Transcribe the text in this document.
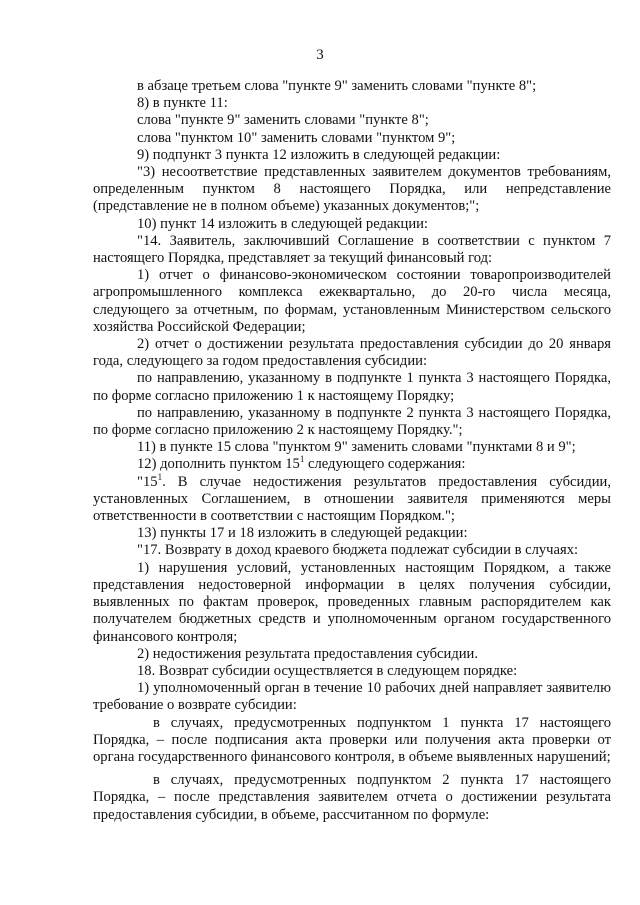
3

в абзаце третьем слова "пункте 9" заменить словами "пункте 8";

8) в пункте 11:

слова "пункте 9" заменить словами "пункте 8";

слова "пунктом 10" заменить словами "пунктом 9";

9) подпункт 3 пункта 12 изложить в следующей редакции:

"3) несоответствие представленных заявителем документов требованиям, определенным пунктом 8 настоящего Порядка, или непредставление (представление не в полном объеме) указанных документов;";

10) пункт 14 изложить в следующей редакции:

"14. Заявитель, заключивший Соглашение в соответствии с пунктом 7 настоящего Порядка, представляет за текущий финансовый год:

1) отчет о финансово-экономическом состоянии товаропроизводителей агропромышленного комплекса ежеквартально, до 20-го числа месяца, следующего за отчетным, по формам, установленным Министерством сельского хозяйства Российской Федерации;

2) отчет о достижении результата предоставления субсидии до 20 января года, следующего за годом предоставления субсидии:

по направлению, указанному в подпункте 1 пункта 3 настоящего Порядка, по форме согласно приложению 1 к настоящему Порядку;

по направлению, указанному в подпункте 2 пункта 3 настоящего Порядка, по форме согласно приложению 2 к настоящему Порядку.";

11) в пункте 15 слова "пунктом 9" заменить словами "пунктами 8 и 9";

12) дополнить пунктом $15^1$ следующего содержания:

"$15^1$. В случае недостижения результатов предоставления субсидии, установленных Соглашением, в отношении заявителя применяются меры ответственности в соответствии с настоящим Порядком.";

13) пункты 17 и 18 изложить в следующей редакции:

"17. Возврату в доход краевого бюджета подлежат субсидии в случаях:

1) нарушения условий, установленных настоящим Порядком, а также представления недостоверной информации в целях получения субсидии, выявленных по фактам проверок, проведенных главным распорядителем как получателем бюджетных средств и уполномоченным органом государственного финансового контроля;

2) недостижения результата предоставления субсидии.

18. Возврат субсидии осуществляется в следующем порядке:

1) уполномоченный орган в течение 10 рабочих дней направляет заявителю требование о возврате субсидии:

в случаях, предусмотренных подпунктом 1 пункта 17 настоящего Порядка, – после подписания акта проверки или получения акта проверки от органа государственного финансового контроля, в объеме выявленных нарушений;

в случаях, предусмотренных подпунктом 2 пункта 17 настоящего Порядка, – после представления заявителем отчета о достижении результата предоставления субсидии, в объеме, рассчитанном по формуле:
